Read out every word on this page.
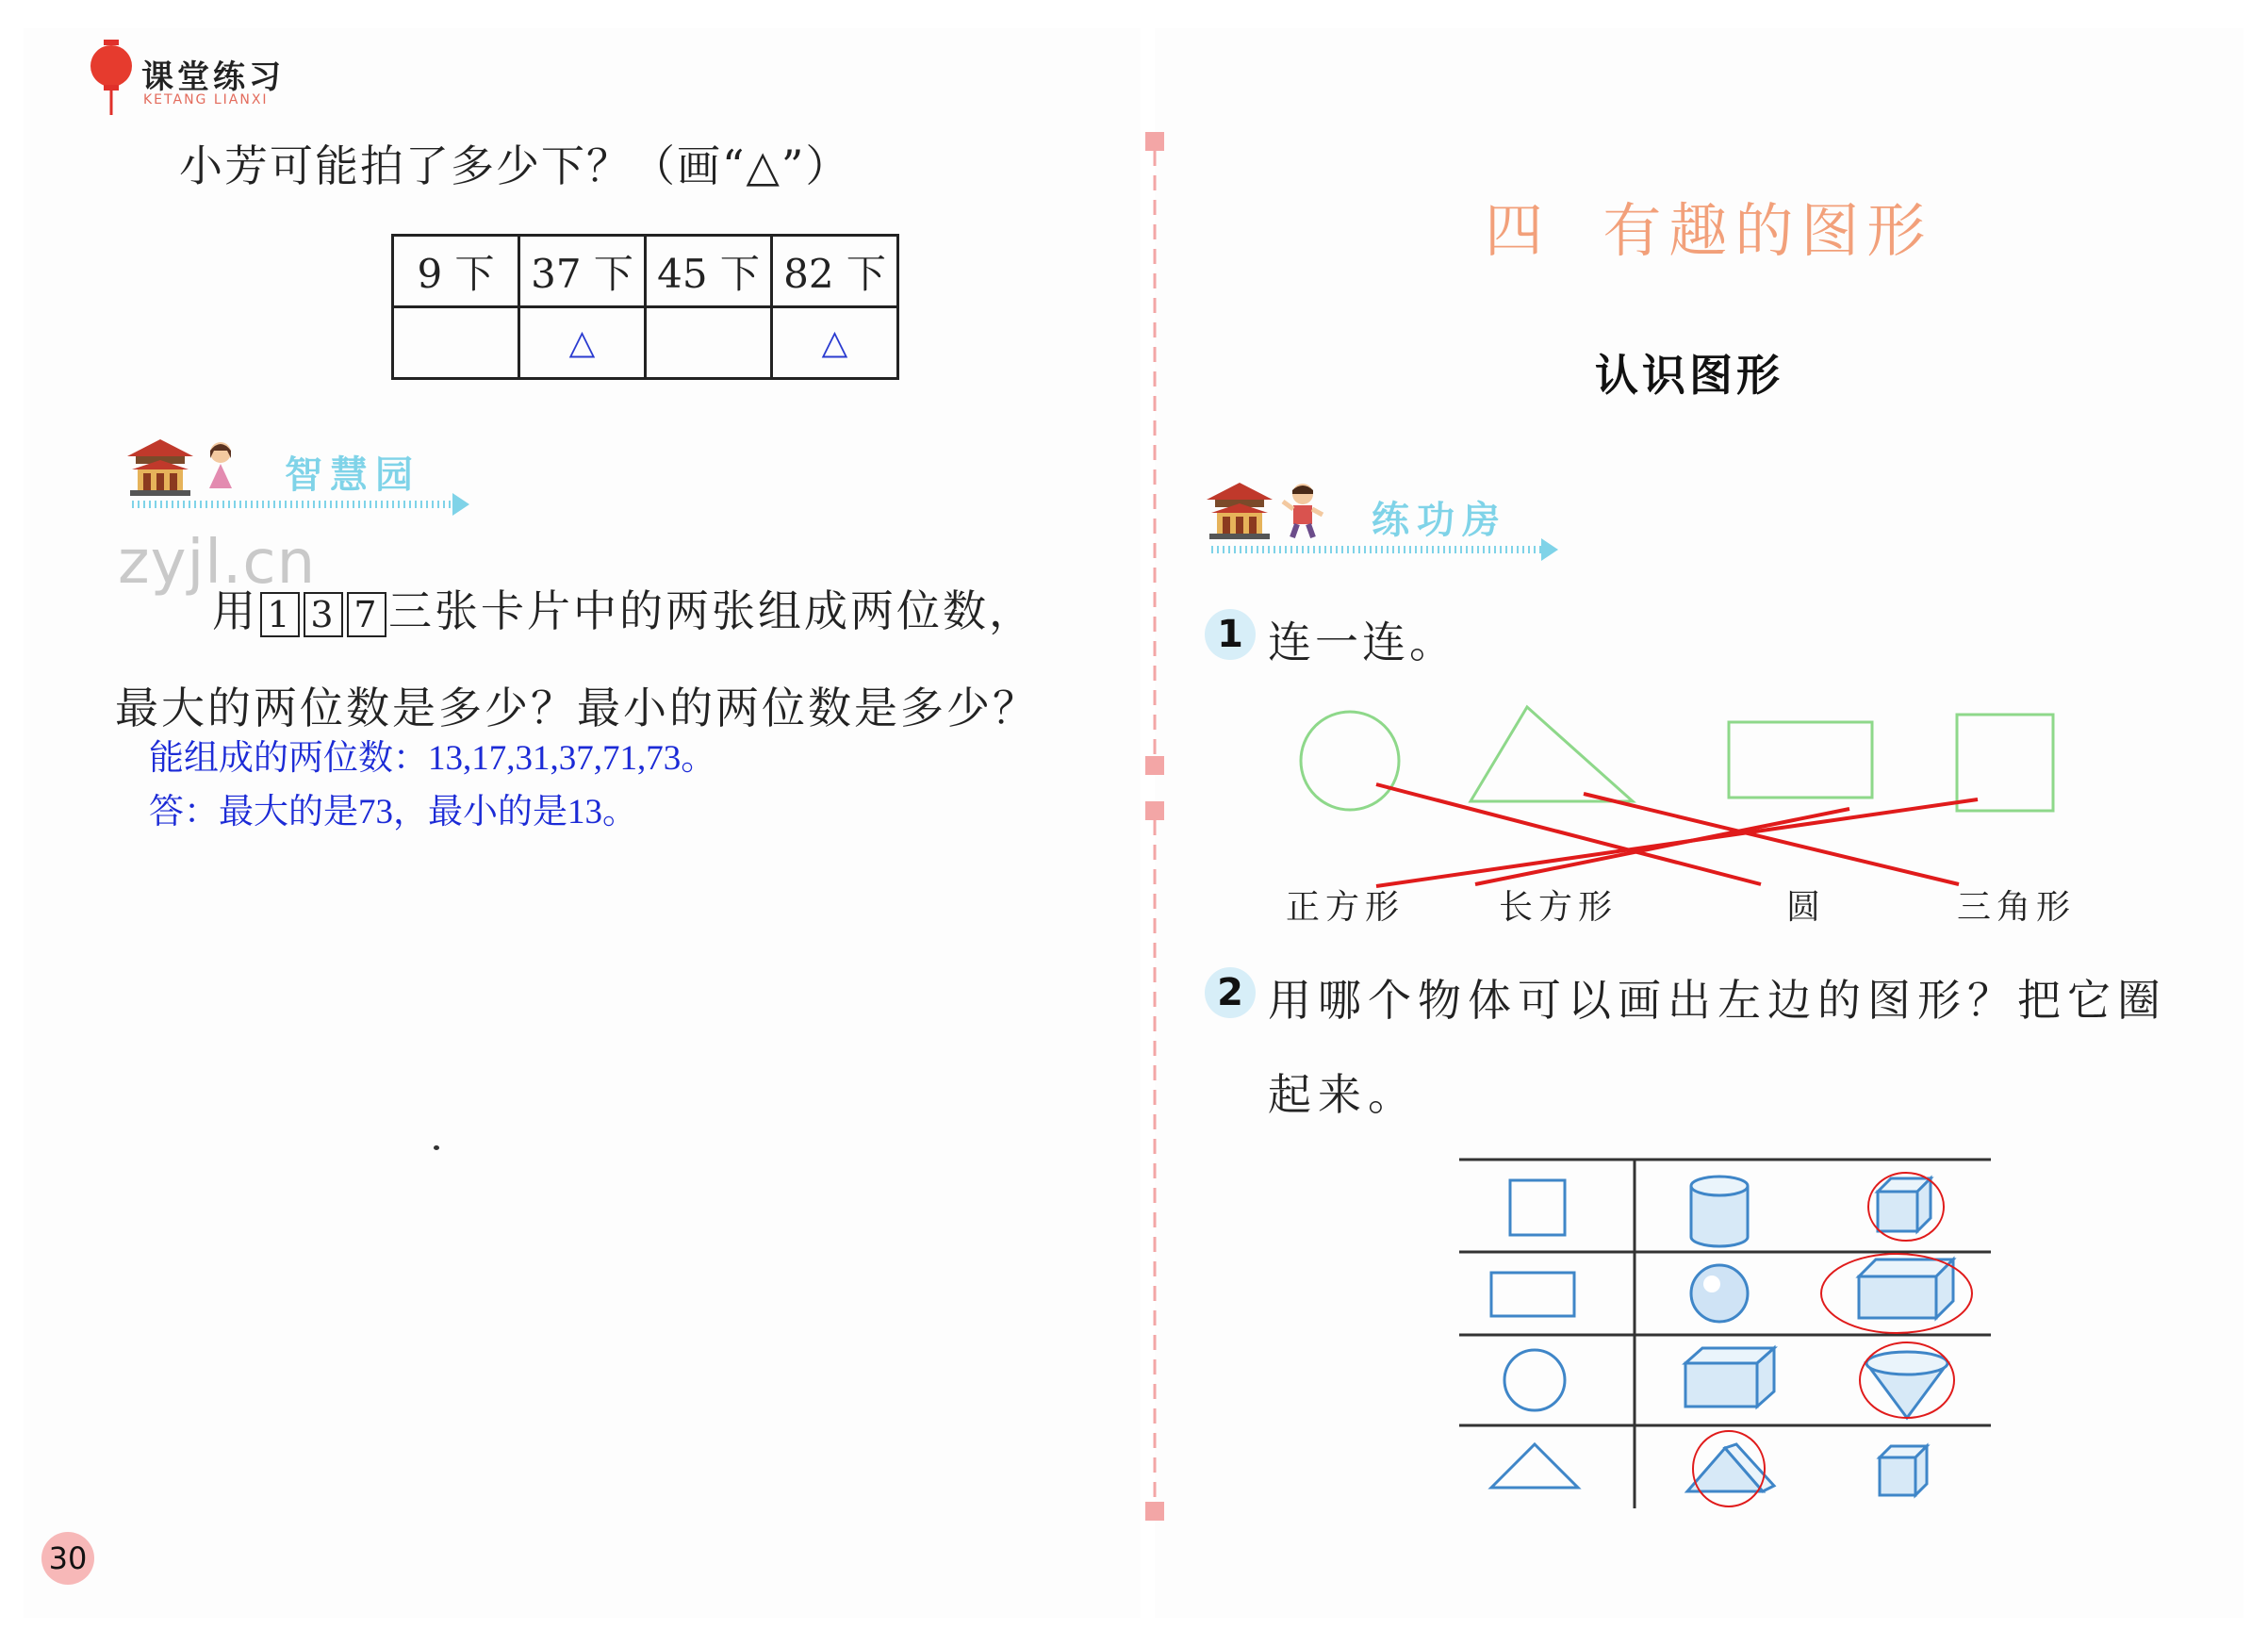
课堂练习
KETANG LIANXI
小芳可能拍了多少下？（画“△”）
9 下	37 下	45 下	82 下
	△		△
智慧园
zyjl.cn
用 1 3 7 三张卡片中的两张组成两位数，
最大的两位数是多少？最小的两位数是多少？
能组成的两位数：13,17,31,37,71,73。
答：最大的是73，最小的是13。
30
四  有趣的图形
认识图形
练功房
1 连一连。
正方形	长方形	圆	三角形
2 用哪个物体可以画出左边的图形？把它圈
起来。
